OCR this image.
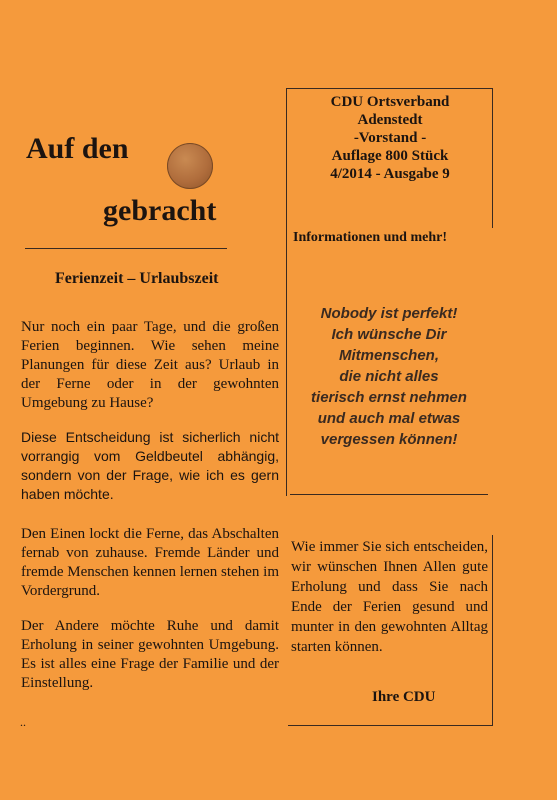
Auf den
gebracht
Ferienzeit – Urlaubszeit
Nur noch ein paar Tage, und die großen Ferien beginnen. Wie sehen meine Planungen für diese Zeit aus? Urlaub in der Ferne oder in der gewohnten Umgebung zu Hause?
Diese Entscheidung ist sicherlich nicht vorrangig vom Geldbeutel abhängig, sondern von der Frage, wie ich es gern haben möchte.
Den Einen lockt die Ferne, das Abschalten fernab von zuhause. Fremde Länder und fremde Menschen kennen lernen stehen im Vordergrund.
Der Andere möchte Ruhe und damit Erholung in seiner gewohnten Umgebung. Es ist alles eine Frage der Familie und der Einstellung.
..
CDU Ortsverband
Adenstedt
-Vorstand -
Auflage 800 Stück
4/2014 - Ausgabe 9
Informationen und mehr!
Nobody ist perfekt!
Ich wünsche Dir
Mitmenschen,
die nicht alles
tierisch ernst nehmen
und auch mal etwas
vergessen können!
Wie immer Sie sich entscheiden, wir wünschen Ihnen Allen gute Erholung und dass Sie nach Ende der Ferien gesund und munter in den gewohnten Alltag starten können.
Ihre CDU
